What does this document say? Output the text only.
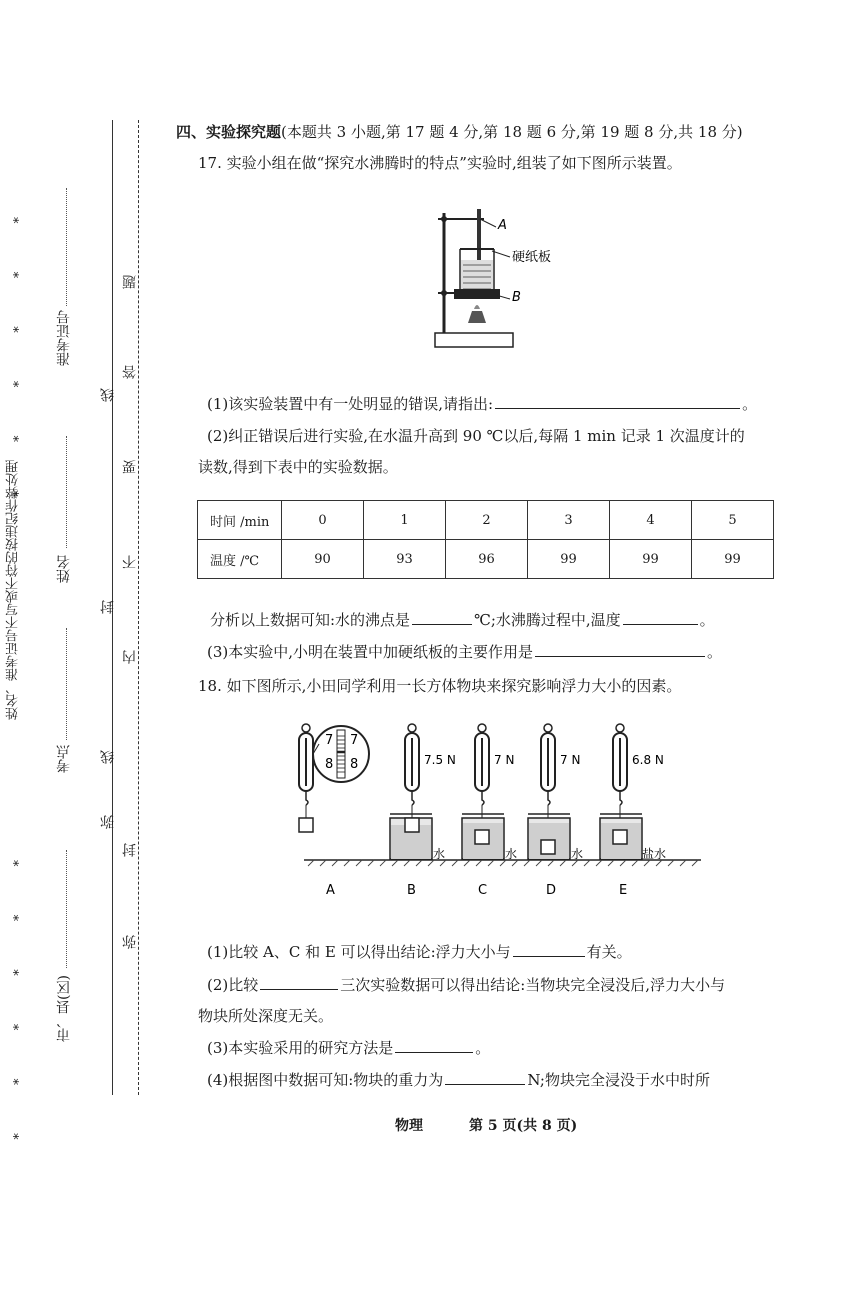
* * * * * *
* * * * * *
姓名、准考证号不写或不符的按违纪作弊处理
准考证号
姓名
考点
市、县(区)
线
封
线
弥
封
弥
题
答
要
不
内
四、实验探究题(本题共 3 小题,第 17 题 4 分,第 18 题 6 分,第 19 题 8 分,共 18 分)
17. 实验小组在做“探究水沸腾时的特点”实验时,组装了如下图所示装置。
A
硬纸板
B
(1)该实验装置中有一处明显的错误,请指出:	。
(2)纠正错误后进行实验,在水温升高到 90 ℃以后,每隔 1 min 记录 1 次温度计的
读数,得到下表中的实验数据。
时间 /min	0	1	2	3	4	5
温度 /℃	90	93	96	99	99	99
分析以上数据可知:水的沸点是	℃;水沸腾过程中,温度	。
(3)本实验中,小明在装置中加硬纸板的主要作用是	。
18. 如下图所示,小田同学利用一长方体物块来探究影响浮力大小的因素。
7 7
8 8	7.5 N
水
7 N
水
7 N
水
6.8 N
盐水
A	B	C	D	E
(1)比较 A、C 和 E 可以得出结论:浮力大小与	有关。
(2)比较	三次实验数据可以得出结论:当物块完全浸没后,浮力大小与
物块所处深度无关。
(3)本实验采用的研究方法是	。
(4)根据图中数据可知:物块的重力为	N;物块完全浸没于水中时所
物理	第 5 页(共 8 页)
